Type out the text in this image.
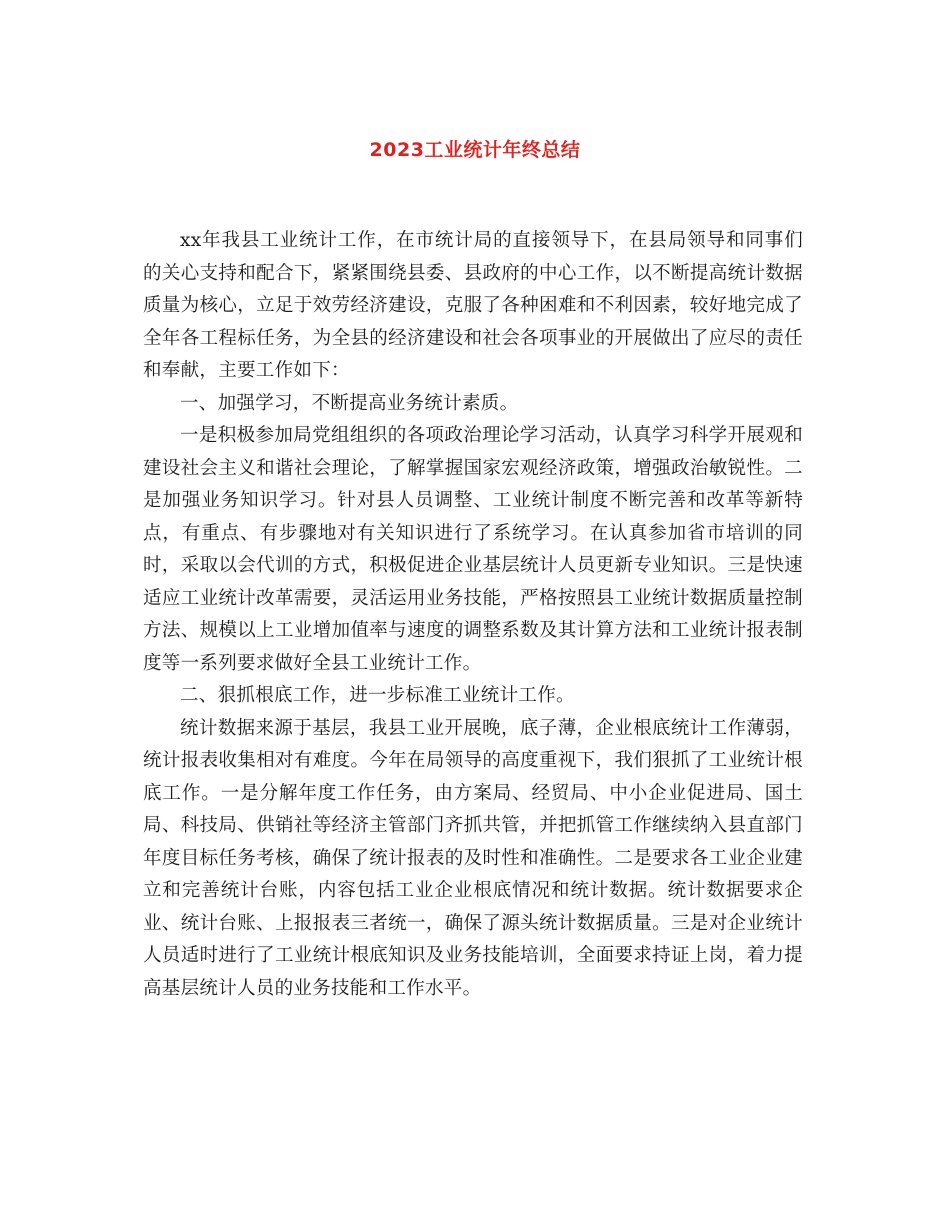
2023工业统计年终总结

xx年我县工业统计工作，在市统计局的直接领导下，在县局领导和同事们的关心支持和配合下，紧紧围绕县委、县政府的中心工作，以不断提高统计数据质量为核心，立足于效劳经济建设，克服了各种困难和不利因素，较好地完成了全年各工程标任务，为全县的经济建设和社会各项事业的开展做出了应尽的责任和奉献，主要工作如下：

一、加强学习，不断提高业务统计素质。

一是积极参加局党组组织的各项政治理论学习活动，认真学习科学开展观和建设社会主义和谐社会理论，了解掌握国家宏观经济政策，增强政治敏锐性。二是加强业务知识学习。针对县人员调整、工业统计制度不断完善和改革等新特点，有重点、有步骤地对有关知识进行了系统学习。在认真参加省市培训的同时，采取以会代训的方式，积极促进企业基层统计人员更新专业知识。三是快速适应工业统计改革需要，灵活运用业务技能，严格按照县工业统计数据质量控制方法、规模以上工业增加值率与速度的调整系数及其计算方法和工业统计报表制度等一系列要求做好全县工业统计工作。

二、狠抓根底工作，进一步标准工业统计工作。

统计数据来源于基层，我县工业开展晚，底子薄，企业根底统计工作薄弱，统计报表收集相对有难度。今年在局领导的高度重视下，我们狠抓了工业统计根底工作。一是分解年度工作任务，由方案局、经贸局、中小企业促进局、国土局、科技局、供销社等经济主管部门齐抓共管，并把抓管工作继续纳入县直部门年度目标任务考核，确保了统计报表的及时性和准确性。二是要求各工业企业建立和完善统计台账，内容包括工业企业根底情况和统计数据。统计数据要求企业、统计台账、上报报表三者统一，确保了源头统计数据质量。三是对企业统计人员适时进行了工业统计根底知识及业务技能培训，全面要求持证上岗，着力提高基层统计人员的业务技能和工作水平。
